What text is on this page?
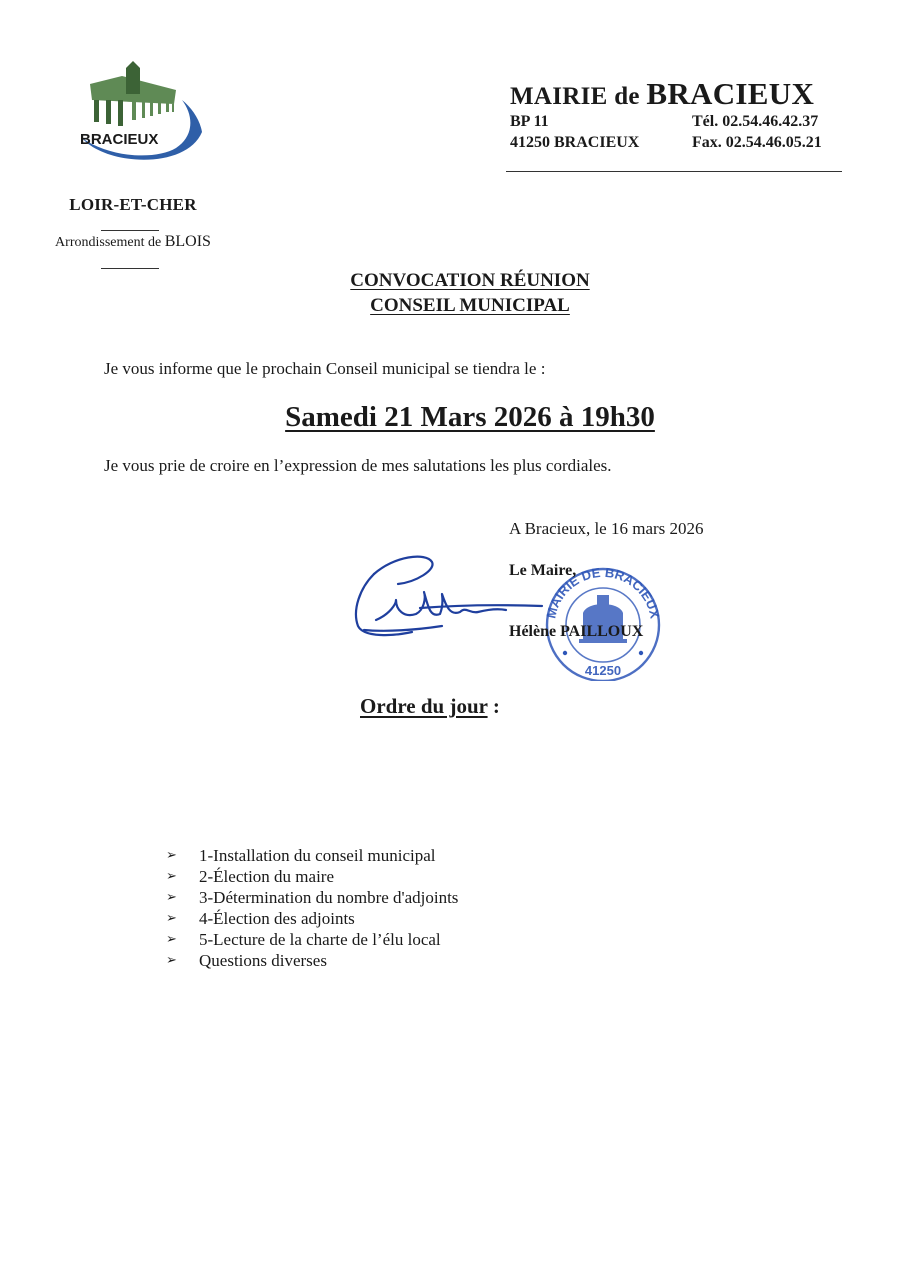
BRACIEUX
LOIR-ET-CHER
Arrondissement de BLOIS
MAIRIE de BRACIEUX
BP 11	Tél. 02.54.46.42.37
41250 BRACIEUX	Fax. 02.54.46.05.21
CONVOCATION RÉUNION
CONSEIL MUNICIPAL
Je vous informe que le prochain Conseil municipal se tiendra le :
Samedi 21 Mars 2026 à 19h30
Je vous prie de croire en l’expression de mes salutations les plus cordiales.
A Bracieux, le 16 mars 2026
MAIRIE DE BRACIEUX
41250
Le Maire,
Hélène PAILLOUX
Ordre du jour :
➢	1-Installation du conseil municipal
➢	2-Élection du maire
➢	3-Détermination du nombre d'adjoints
➢	4-Élection des adjoints
➢	5-Lecture de la charte de l’élu local
➢	Questions diverses
